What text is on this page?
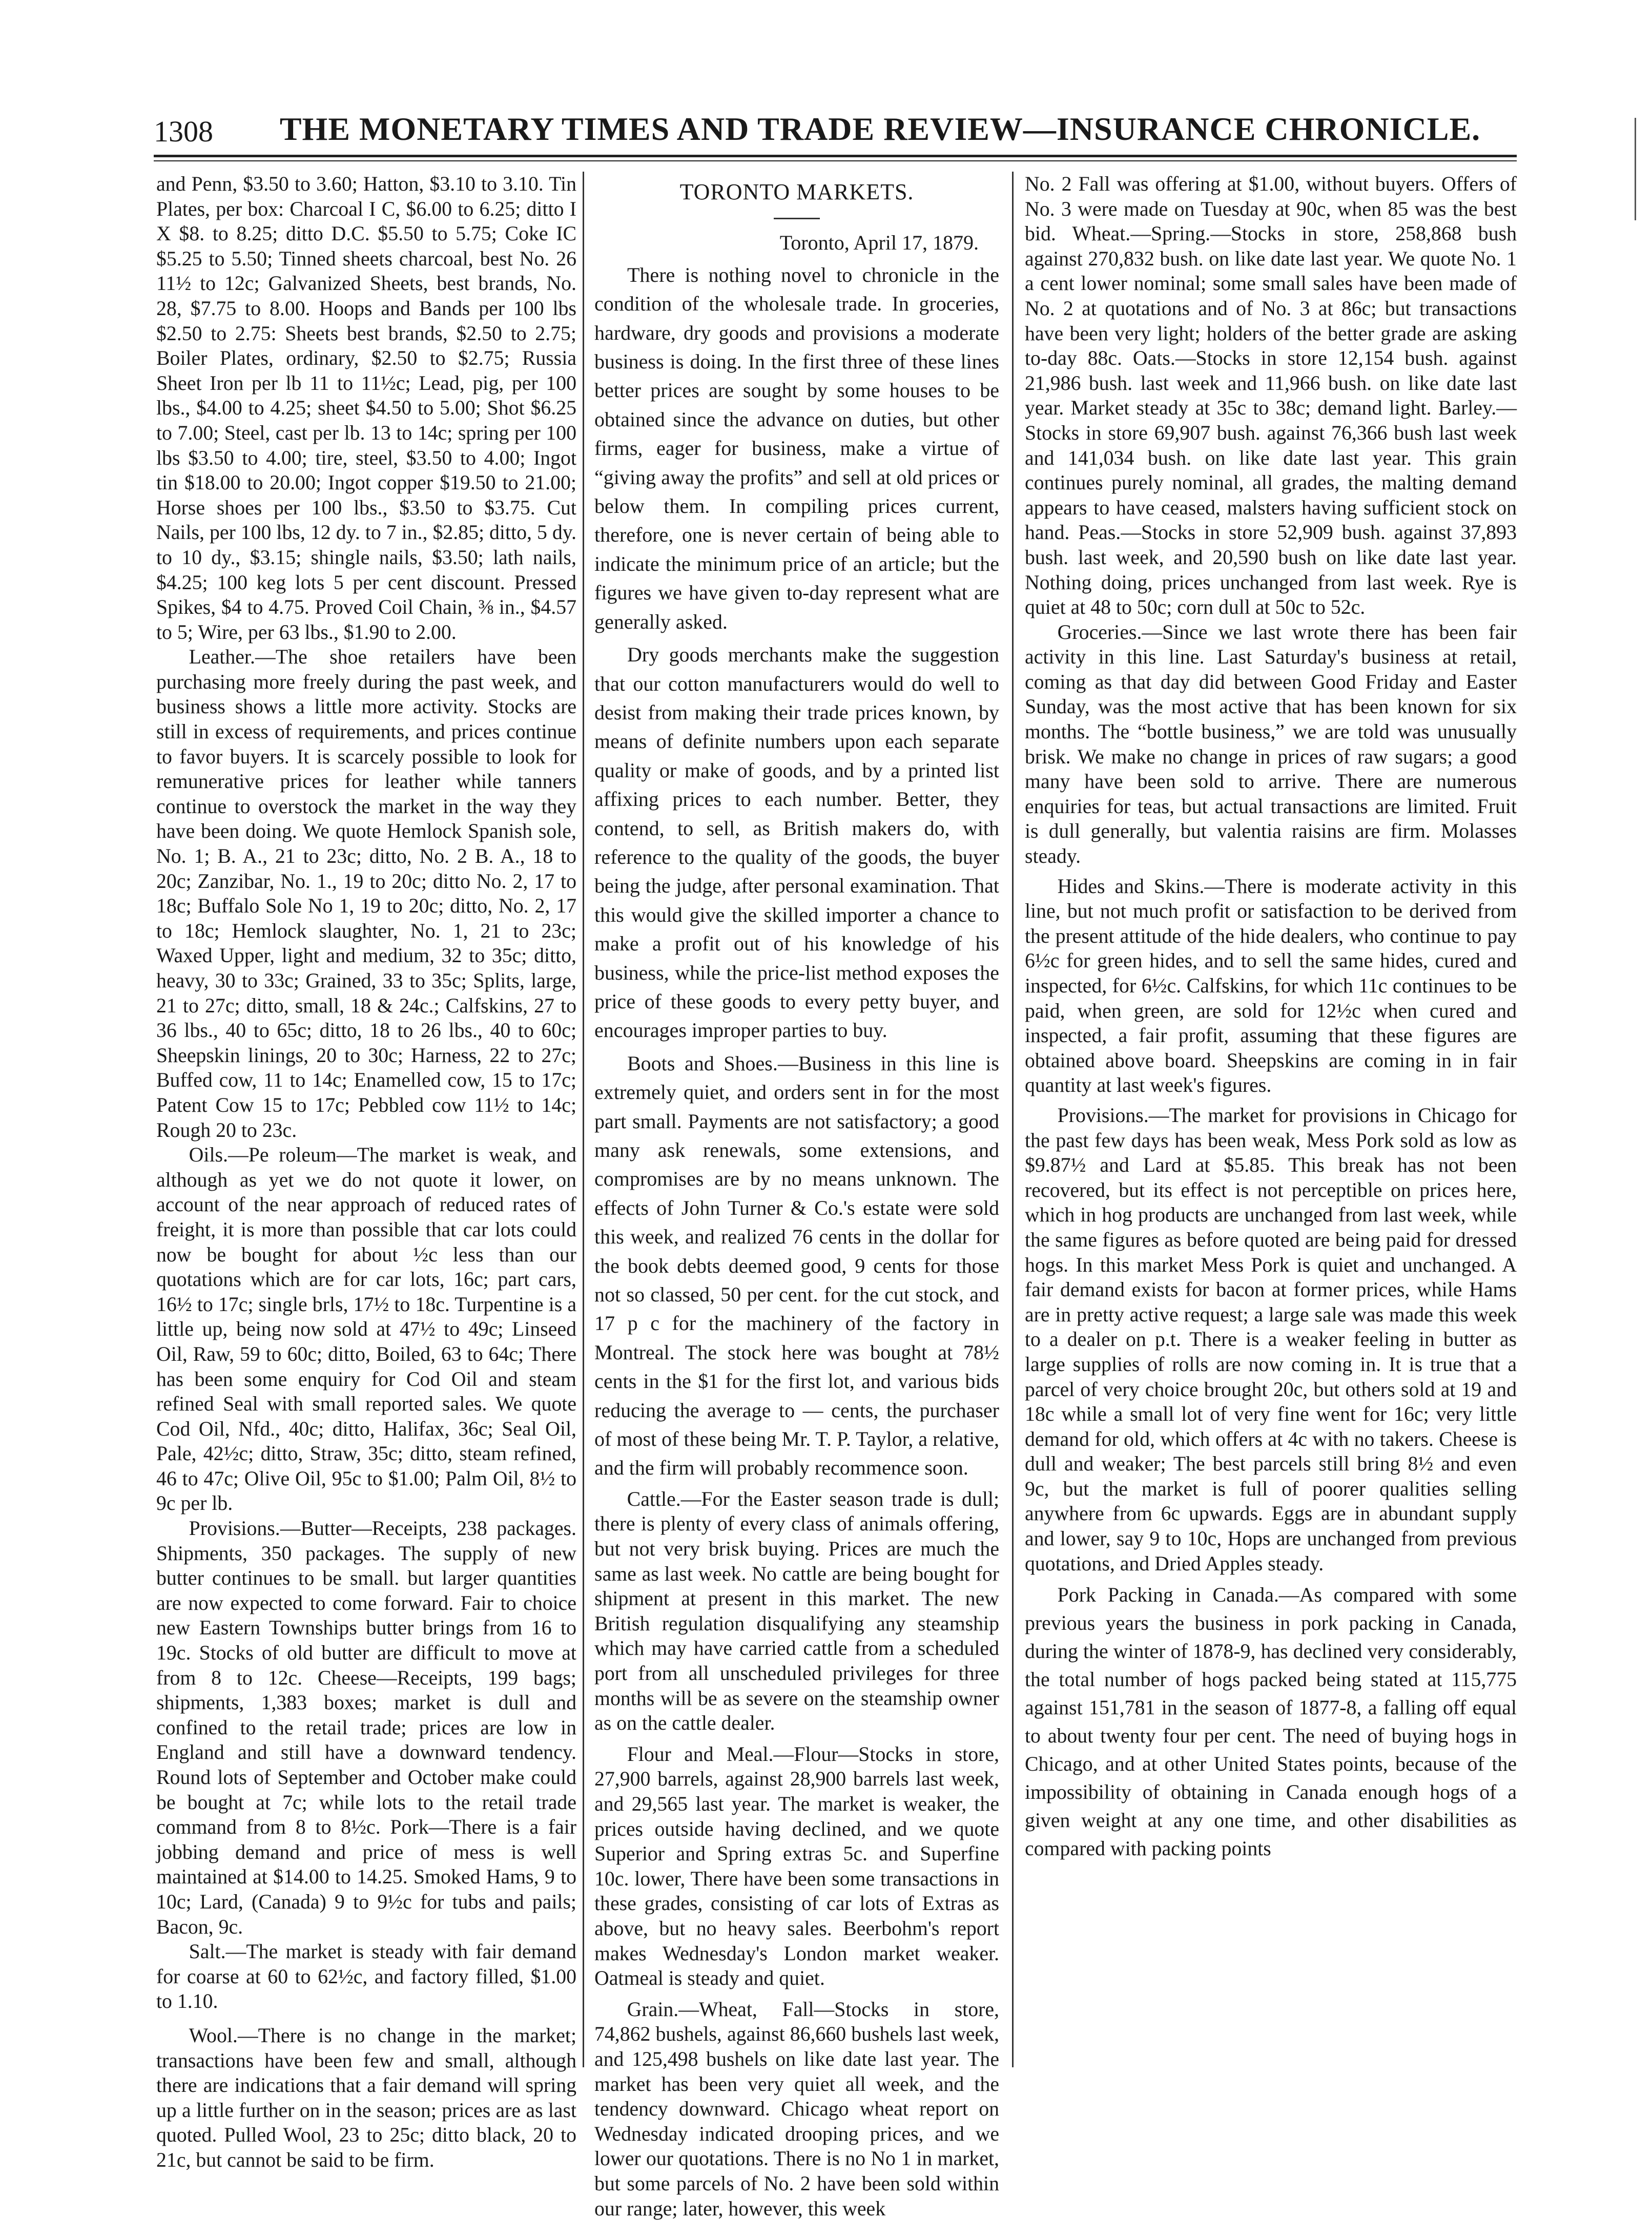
1308	THE MONETARY TIMES AND TRADE REVIEW—INSURANCE CHRONICLE.

and Penn, $3.50 to 3.60; Hatton, $3.10 to 3.10. Tin Plates, per box: Charcoal I C, $6.00 to 6.25; ditto I X $8. to 8.25; ditto D.C. $5.50 to 5.75; Coke IC $5.25 to 5.50; Tinned sheets charcoal, best No. 26 11½ to 12c; Galvanized Sheets, best brands, No. 28, $7.75 to 8.00. Hoops and Bands per 100 lbs $2.50 to 2.75: Sheets best brands, $2.50 to 2.75; Boiler Plates, ordinary, $2.50 to $2.75; Russia Sheet Iron per lb 11 to 11½c; Lead, pig, per 100 lbs., $4.00 to 4.25; sheet $4.50 to 5.00; Shot $6.25 to 7.00; Steel, cast per lb. 13 to 14c; spring per 100 lbs $3.50 to 4.00; tire, steel, $3.50 to 4.00; Ingot tin $18.00 to 20.00; Ingot copper $19.50 to 21.00; Horse shoes per 100 lbs., $3.50 to $3.75. Cut Nails, per 100 lbs, 12 dy. to 7 in., $2.85; ditto, 5 dy. to 10 dy., $3.15; shingle nails, $3.50; lath nails, $4.25; 100 keg lots 5 per cent discount. Pressed Spikes, $4 to 4.75. Proved Coil Chain, ⅜ in., $4.57 to 5; Wire, per 63 lbs., $1.90 to 2.00.

Leather.—The shoe retailers have been purchasing more freely during the past week, and business shows a little more activity. Stocks are still in excess of requirements, and prices continue to favor buyers. It is scarcely possible to look for remunerative prices for leather while tanners continue to overstock the market in the way they have been doing. We quote Hemlock Spanish sole, No. 1; B. A., 21 to 23c; ditto, No. 2 B. A., 18 to 20c; Zanzibar, No. 1., 19 to 20c; ditto No. 2, 17 to 18c; Buffalo Sole No 1, 19 to 20c; ditto, No. 2, 17 to 18c; Hemlock slaughter, No. 1, 21 to 23c; Waxed Upper, light and medium, 32 to 35c; ditto, heavy, 30 to 33c; Grained, 33 to 35c; Splits, large, 21 to 27c; ditto, small, 18 & 24c.; Calfskins, 27 to 36 lbs., 40 to 65c; ditto, 18 to 26 lbs., 40 to 60c; Sheepskin linings, 20 to 30c; Harness, 22 to 27c; Buffed cow, 11 to 14c; Enamelled cow, 15 to 17c; Patent Cow 15 to 17c; Pebbled cow 11½ to 14c; Rough 20 to 23c.

Oils.—Pe roleum—The market is weak, and although as yet we do not quote it lower, on account of the near approach of reduced rates of freight, it is more than possible that car lots could now be bought for about ½c less than our quotations which are for car lots, 16c; part cars, 16½ to 17c; single brls, 17½ to 18c. Turpentine is a little up, being now sold at 47½ to 49c; Linseed Oil, Raw, 59 to 60c; ditto, Boiled, 63 to 64c; There has been some enquiry for Cod Oil and steam refined Seal with small reported sales. We quote Cod Oil, Nfd., 40c; ditto, Halifax, 36c; Seal Oil, Pale, 42½c; ditto, Straw, 35c; ditto, steam refined, 46 to 47c; Olive Oil, 95c to $1.00; Palm Oil, 8½ to 9c per lb.

Provisions.—Butter—Receipts, 238 packages. Shipments, 350 packages. The supply of new butter continues to be small. but larger quantities are now expected to come forward. Fair to choice new Eastern Townships butter brings from 16 to 19c. Stocks of old butter are difficult to move at from 8 to 12c. Cheese—Receipts, 199 bags; shipments, 1,383 boxes; market is dull and confined to the retail trade; prices are low in England and still have a downward tendency. Round lots of September and October make could be bought at 7c; while lots to the retail trade command from 8 to 8½c. Pork—There is a fair jobbing demand and price of mess is well maintained at $14.00 to 14.25. Smoked Hams, 9 to 10c; Lard, (Canada) 9 to 9½c for tubs and pails; Bacon, 9c.

Salt.—The market is steady with fair demand for coarse at 60 to 62½c, and factory filled, $1.00 to 1.10.

Wool.—There is no change in the market; transactions have been few and small, although there are indications that a fair demand will spring up a little further on in the season; prices are as last quoted. Pulled Wool, 23 to 25c; ditto black, 20 to 21c, but cannot be said to be firm.

TORONTO MARKETS.

Toronto, April 17, 1879.

There is nothing novel to chronicle in the condition of the wholesale trade. In groceries, hardware, dry goods and provisions a moderate business is doing. In the first three of these lines better prices are sought by some houses to be obtained since the advance on duties, but other firms, eager for business, make a virtue of “giving away the profits” and sell at old prices or below them. In compiling prices current, therefore, one is never certain of being able to indicate the minimum price of an article; but the figures we have given to-day represent what are generally asked.

Dry goods merchants make the suggestion that our cotton manufacturers would do well to desist from making their trade prices known, by means of definite numbers upon each separate quality or make of goods, and by a printed list affixing prices to each number. Better, they contend, to sell, as British makers do, with reference to the quality of the goods, the buyer being the judge, after personal examination. That this would give the skilled importer a chance to make a profit out of his knowledge of his business, while the price-list method exposes the price of these goods to every petty buyer, and encourages improper parties to buy.

Boots and Shoes.—Business in this line is extremely quiet, and orders sent in for the most part small. Payments are not satisfactory; a good many ask renewals, some extensions, and compromises are by no means unknown. The effects of John Turner & Co.'s estate were sold this week, and realized 76 cents in the dollar for the book debts deemed good, 9 cents for those not so classed, 50 per cent. for the cut stock, and 17 p c for the machinery of the factory in Montreal. The stock here was bought at 78½ cents in the $1 for the first lot, and various bids reducing the average to — cents, the purchaser of most of these being Mr. T. P. Taylor, a relative, and the firm will probably recommence soon.

Cattle.—For the Easter season trade is dull; there is plenty of every class of animals offering, but not very brisk buying. Prices are much the same as last week. No cattle are being bought for shipment at present in this market. The new British regulation disqualifying any steamship which may have carried cattle from a scheduled port from all unscheduled privileges for three months will be as severe on the steamship owner as on the cattle dealer.

Flour and Meal.—Flour—Stocks in store, 27,900 barrels, against 28,900 barrels last week, and 29,565 last year. The market is weaker, the prices outside having declined, and we quote Superior and Spring extras 5c. and Superfine 10c. lower, There have been some transactions in these grades, consisting of car lots of Extras as above, but no heavy sales. Beerbohm's report makes Wednesday's London market weaker. Oatmeal is steady and quiet.

Grain.—Wheat, Fall—Stocks in store, 74,862 bushels, against 86,660 bushels last week, and 125,498 bushels on like date last year. The market has been very quiet all week, and the tendency downward. Chicago wheat report on Wednesday indicated drooping prices, and we lower our quotations. There is no No 1 in market, but some parcels of No. 2 have been sold within our range; later, however, this week

No. 2 Fall was offering at $1.00, without buyers. Offers of No. 3 were made on Tuesday at 90c, when 85 was the best bid. Wheat.—Spring.—Stocks in store, 258,868 bush against 270,832 bush. on like date last year. We quote No. 1 a cent lower nominal; some small sales have been made of No. 2 at quotations and of No. 3 at 86c; but transactions have been very light; holders of the better grade are asking to-day 88c. Oats.—Stocks in store 12,154 bush. against 21,986 bush. last week and 11,966 bush. on like date last year. Market steady at 35c to 38c; demand light. Barley.—Stocks in store 69,907 bush. against 76,366 bush last week and 141,034 bush. on like date last year. This grain continues purely nominal, all grades, the malting demand appears to have ceased, malsters having sufficient stock on hand. Peas.—Stocks in store 52,909 bush. against 37,893 bush. last week, and 20,590 bush on like date last year. Nothing doing, prices unchanged from last week. Rye is quiet at 48 to 50c; corn dull at 50c to 52c.

Groceries.—Since we last wrote there has been fair activity in this line. Last Saturday's business at retail, coming as that day did between Good Friday and Easter Sunday, was the most active that has been known for six months. The “bottle business,” we are told was unusually brisk. We make no change in prices of raw sugars; a good many have been sold to arrive. There are numerous enquiries for teas, but actual transactions are limited. Fruit is dull generally, but valentia raisins are firm. Molasses steady.

Hides and Skins.—There is moderate activity in this line, but not much profit or satisfaction to be derived from the present attitude of the hide dealers, who continue to pay 6½c for green hides, and to sell the same hides, cured and inspected, for 6½c. Calfskins, for which 11c continues to be paid, when green, are sold for 12½c when cured and inspected, a fair profit, assuming that these figures are obtained above board. Sheepskins are coming in in fair quantity at last week's figures.

Provisions.—The market for provisions in Chicago for the past few days has been weak, Mess Pork sold as low as $9.87½ and Lard at $5.85. This break has not been recovered, but its effect is not perceptible on prices here, which in hog products are unchanged from last week, while the same figures as before quoted are being paid for dressed hogs. In this market Mess Pork is quiet and unchanged. A fair demand exists for bacon at former prices, while Hams are in pretty active request; a large sale was made this week to a dealer on p.t. There is a weaker feeling in butter as large supplies of rolls are now coming in. It is true that a parcel of very choice brought 20c, but others sold at 19 and 18c while a small lot of very fine went for 16c; very little demand for old, which offers at 4c with no takers. Cheese is dull and weaker; The best parcels still bring 8½ and even 9c, but the market is full of poorer qualities selling anywhere from 6c upwards. Eggs are in abundant supply and lower, say 9 to 10c, Hops are unchanged from previous quotations, and Dried Apples steady.

Pork Packing in Canada.—As compared with some previous years the business in pork packing in Canada, during the winter of 1878-9, has declined very considerably, the total number of hogs packed being stated at 115,775 against 151,781 in the season of 1877-8, a falling off equal to about twenty four per cent. The need of buying hogs in Chicago, and at other United States points, because of the impossibility of obtaining in Canada enough hogs of a given weight at any one time, and other disabilities as compared with packing points
